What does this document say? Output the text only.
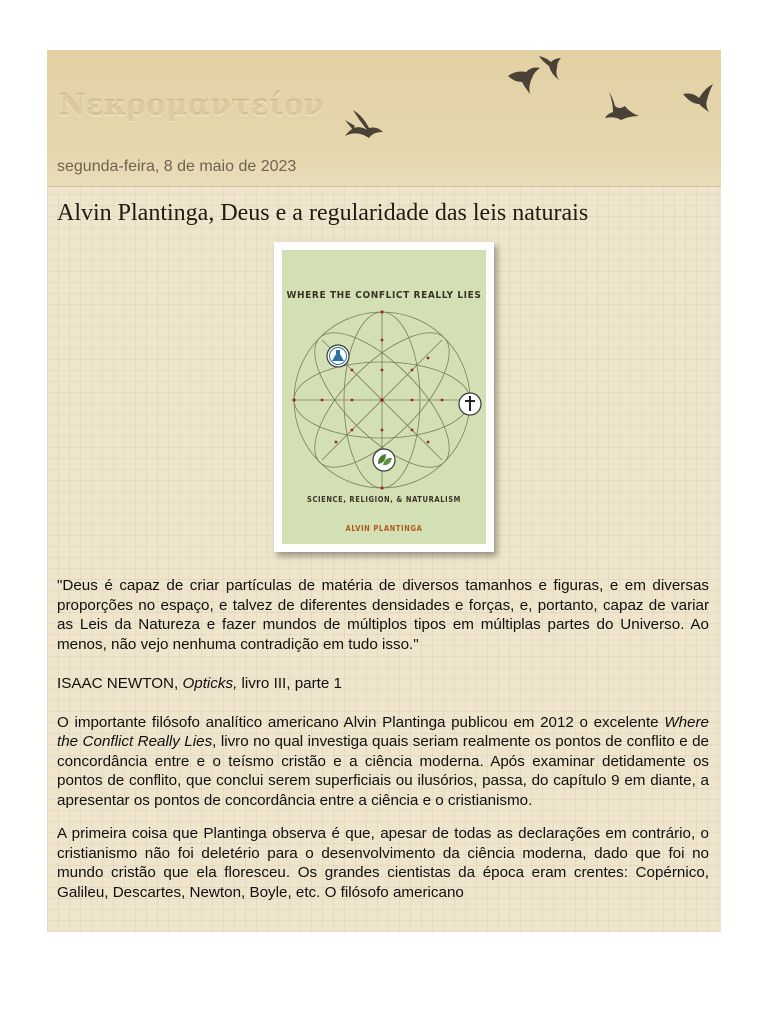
Νεκρομαντείον
segunda-feira, 8 de maio de 2023
Alvin Plantinga, Deus e a regularidade das leis naturais
WHERE THE CONFLICT REALLY LIES
SCIENCE, RELIGION, & NATURALISM
ALVIN PLANTINGA

"Deus é capaz de criar partículas de matéria de diversos tamanhos e figuras, e em diversas proporções no espaço, e talvez de diferentes densidades e forças, e, portanto, capaz de variar as Leis da Natureza e fazer mundos de múltiplos tipos em múltiplas partes do Universo. Ao menos, não vejo nenhuma contradição em tudo isso."

ISAAC NEWTON, Opticks, livro III, parte 1

O importante filósofo analítico americano Alvin Plantinga publicou em 2012 o excelente Where the Conflict Really Lies, livro no qual investiga quais seriam realmente os pontos de conflito e de concordância entre e o teísmo cristão e a ciência moderna. Após examinar detidamente os pontos de conflito, que conclui serem superficiais ou ilusórios, passa, do capítulo 9 em diante, a apresentar os pontos de concordância entre a ciência e o cristianismo.

A primeira coisa que Plantinga observa é que, apesar de todas as declarações em contrário, o cristianismo não foi deletério para o desenvolvimento da ciência moderna, dado que foi no mundo cristão que ela floresceu. Os grandes cientistas da época eram crentes: Copérnico, Galileu, Descartes, Newton, Boyle, etc. O filósofo americano
